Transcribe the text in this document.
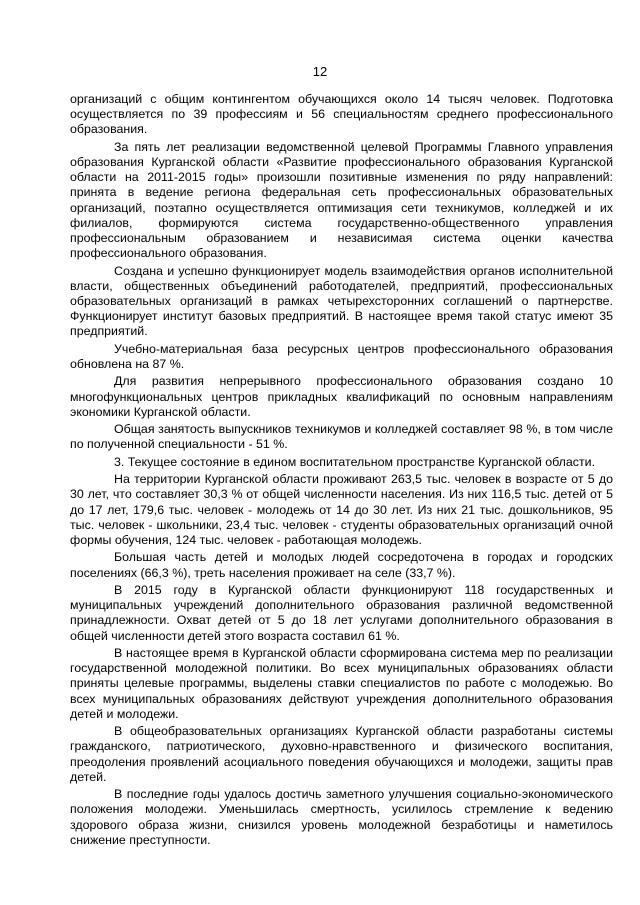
12

организаций с общим контингентом обучающихся около 14 тысяч человек. Подготовка осуществляется по 39 профессиям и 56 специальностям среднего профессионального образования.

За пять лет реализации ведомственной целевой Программы Главного управления образования Курганской области «Развитие профессионального образования Курганской области на 2011-2015 годы» произошли позитивные изменения по ряду направлений: принята в ведение региона федеральная сеть профессиональных образовательных организаций, поэтапно осуществляется оптимизация сети техникумов, колледжей и их филиалов, формируются система государственно-общественного управления профессиональным образованием и независимая система оценки качества профессионального образования.

Создана и успешно функционирует модель взаимодействия органов исполнительной власти, общественных объединений работодателей, предприятий, профессиональных образовательных организаций в рамках четырехсторонних соглашений о партнерстве. Функционирует институт базовых предприятий. В настоящее время такой статус имеют 35 предприятий.

Учебно-материальная база ресурсных центров профессионального образования обновлена на 87 %.

Для развития непрерывного профессионального образования создано 10 многофункциональных центров прикладных квалификаций по основным направлениям экономики Курганской области.

Общая занятость выпускников техникумов и колледжей составляет 98 %, в том числе по полученной специальности - 51 %.

3. Текущее состояние в едином воспитательном пространстве Курганской области.

На территории Курганской области проживают 263,5 тыс. человек в возрасте от 5 до 30 лет, что составляет 30,3 % от общей численности населения. Из них 116,5 тыс. детей от 5 до 17 лет, 179,6 тыс. человек - молодежь от 14 до 30 лет. Из них 21 тыс. дошкольников, 95 тыс. человек - школьники, 23,4 тыс. человек - студенты образовательных организаций очной формы обучения, 124 тыс. человек - работающая молодежь.

Большая часть детей и молодых людей сосредоточена в городах и городских поселениях (66,3 %), треть населения проживает на селе (33,7 %).

В 2015 году в Курганской области функционируют 118 государственных и муниципальных учреждений дополнительного образования различной ведомственной принадлежности. Охват детей от 5 до 18 лет услугами дополнительного образования в общей численности детей этого возраста составил 61 %.

В настоящее время в Курганской области сформирована система мер по реализации государственной молодежной политики. Во всех муниципальных образованиях области приняты целевые программы, выделены ставки специалистов по работе с молодежью. Во всех муниципальных образованиях действуют учреждения дополнительного образования детей и молодежи.

В общеобразовательных организациях Курганской области разработаны системы гражданского, патриотического, духовно-нравственного и физического воспитания, преодоления проявлений асоциального поведения обучающихся и молодежи, защиты прав детей.

В последние годы удалось достичь заметного улучшения социально-экономического положения молодежи. Уменьшилась смертность, усилилось стремление к ведению здорового образа жизни, снизился уровень молодежной безработицы и наметилось снижение преступности.
